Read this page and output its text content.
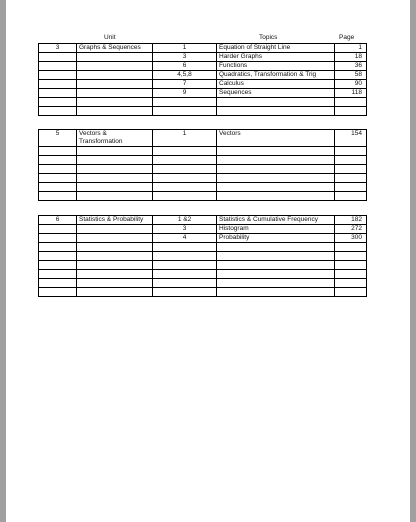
Unit	Topics	Page
3	Graphs & Sequences	1	Equation of Straight Line	1
		3	Harder Graphs	18
		6	Functions	36
		4,5,8	Quadratics, Transformation & Trig	58
		7	Calculus	90
		9	Sequences	118

5	Vectors & Transformation	1	Vectors	154

6	Statistics & Probability	1 &2	Statistics & Cumulative Frequency	182
		3	Histogram	272
		4	Probability	300
